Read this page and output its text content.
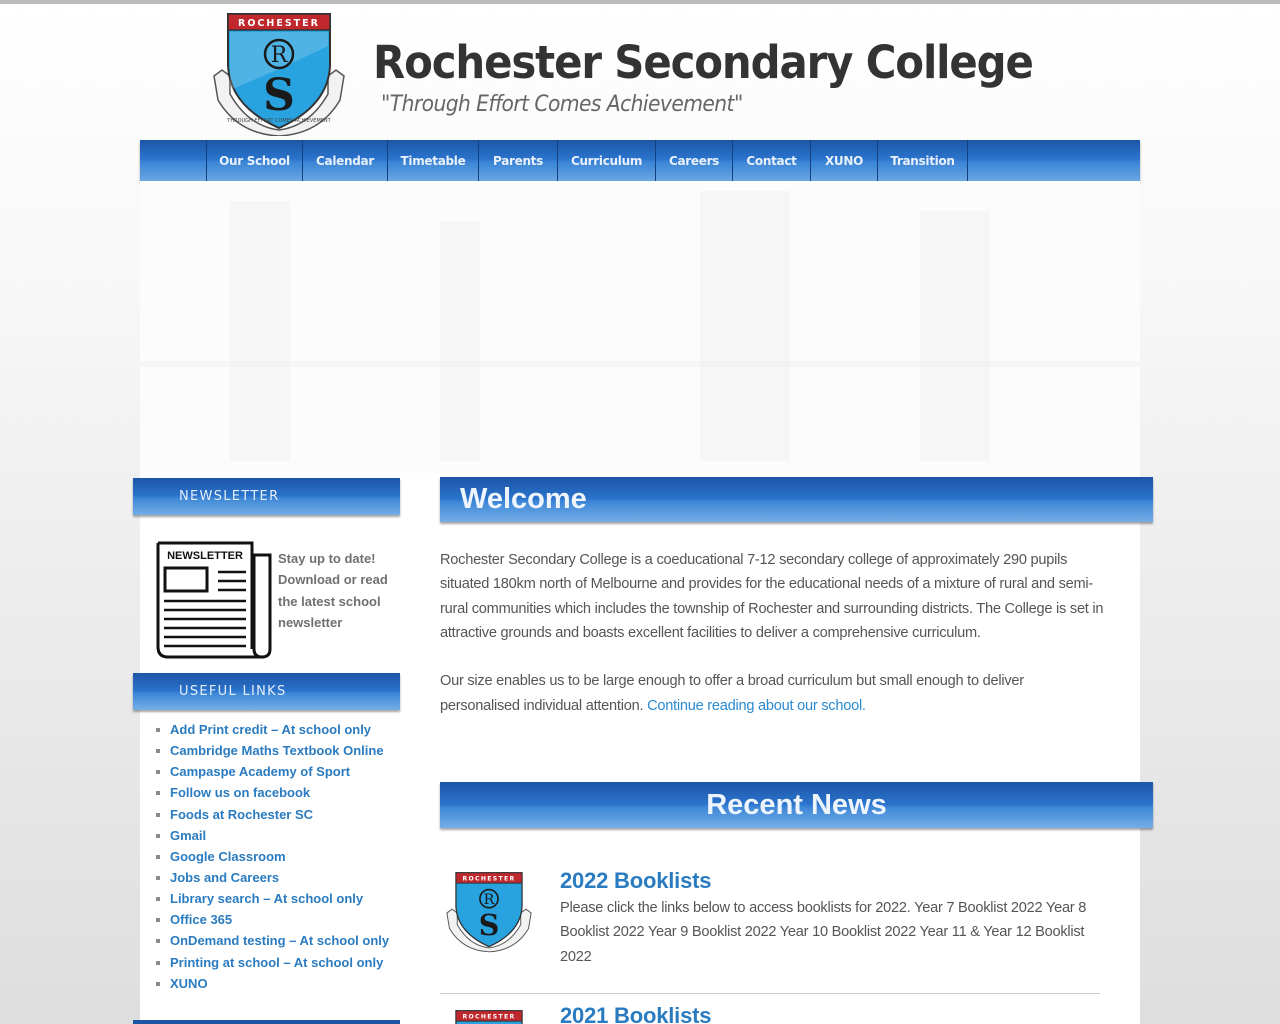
ROCHESTER
R
S
THROUGH EFFORT COMES ACHIEVEMENT
Rochester Secondary College
"Through Effort Comes Achievement"
Our School	Calendar	Timetable	Parents	Curriculum	Careers	Contact	XUNO	Transition
NEWSLETTER
NEWSLETTER	Stay up to date! Download or read the latest school newsletter
USEFUL LINKS
Add Print credit – At school only
Cambridge Maths Textbook Online
Campaspe Academy of Sport
Follow us on facebook
Foods at Rochester SC
Gmail
Google Classroom
Jobs and Careers
Library search – At school only
Office 365
OnDemand testing – At school only
Printing at school – At school only
XUNO
Welcome

Rochester Secondary College is a coeducational 7-12 secondary college of approximately 290 pupils situated 180km north of Melbourne and provides for the educational needs of a mixture of rural and semi-rural communities which includes the township of Rochester and surrounding districts. The College is set in attractive grounds and boasts excellent facilities to deliver a comprehensive curriculum.

Our size enables us to be large enough to offer a broad curriculum but small enough to deliver personalised individual attention. Continue reading about our school.

Recent News
ROCHESTER
R
S
2022 Booklists
Please click the links below to access booklists for 2022. Year 7 Booklist 2022 Year 8 Booklist 2022 Year 9 Booklist 2022 Year 10 Booklist 2022 Year 11 & Year 12 Booklist 2022
ROCHESTER 2021 Booklists
